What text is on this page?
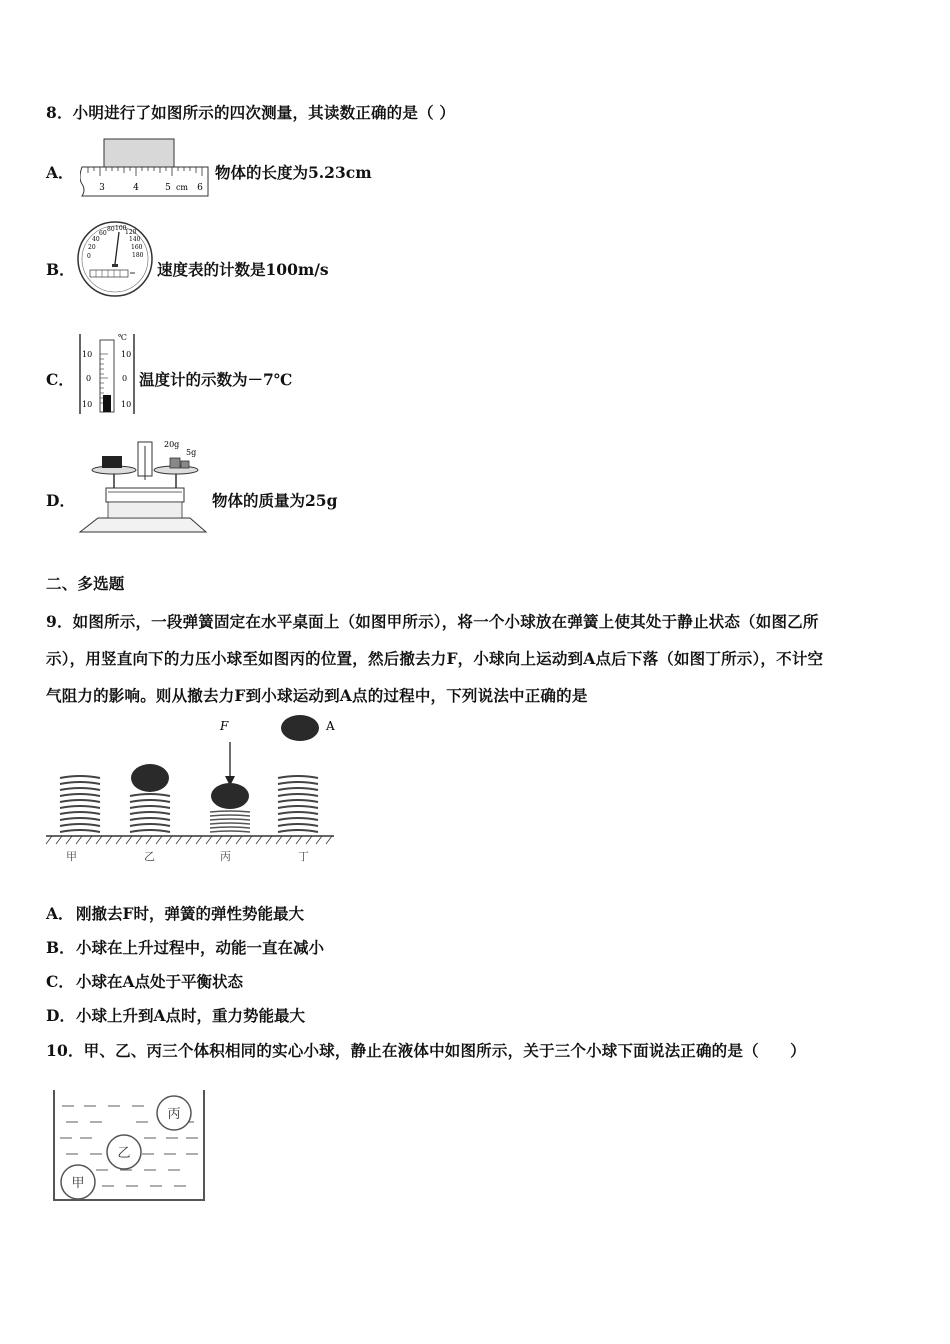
8．小明进行了如图所示的四次测量，其读数正确的是（ ）
A．
3	4	5 cm 6
物体的长度为5.23cm
B．
0
20
40
60
80 100
120
140
160
180
速度表的计数是100m/s
C．
℃
10
0
10
10
0
10
温度计的示数为－7℃
D．
20g
5g
物体的质量为25g
二、多选题
9．如图所示，一段弹簧固定在水平桌面上（如图甲所示），将一个小球放在弹簧上使其处于静止状态（如图乙所
示），用竖直向下的力压小球至如图丙的位置，然后撤去力F，小球向上运动到A点后下落（如图丁所示），不计空
气阻力的影响。则从撤去力F到小球运动到A点的过程中，下列说法中正确的是
F	A
甲	乙	丙	丁
A． 刚撤去F时，弹簧的弹性势能最大
B． 小球在上升过程中，动能一直在减小
C． 小球在A点处于平衡状态
D． 小球上升到A点时，重力势能最大
10．甲、乙、丙三个体积相同的实心小球，静止在液体中如图所示，关于三个小球下面说法正确的是（　　）
丙
乙
甲
